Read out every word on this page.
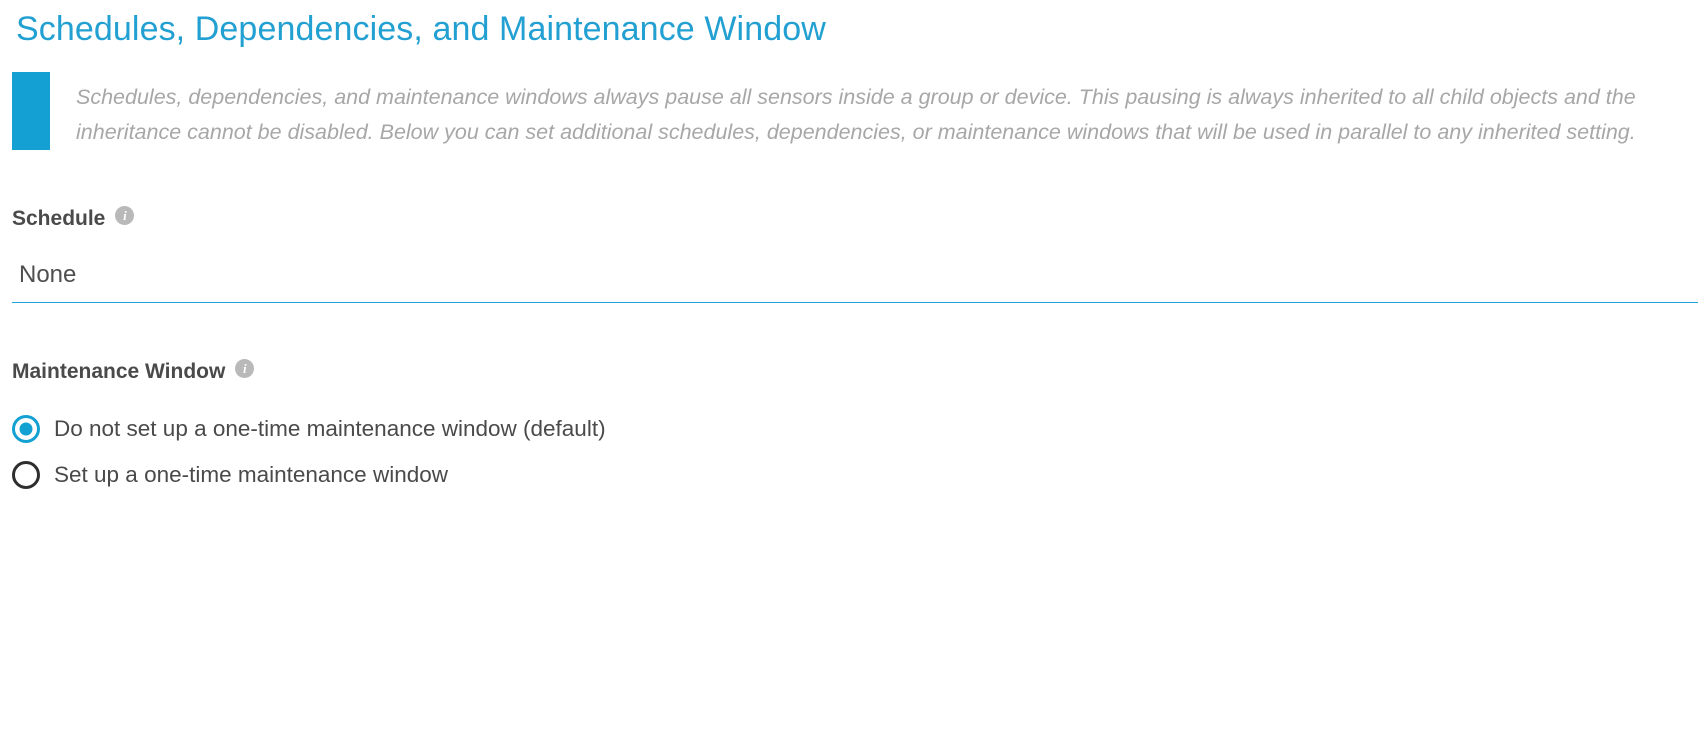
Schedules, Dependencies, and Maintenance Window
Schedules, dependencies, and maintenance windows always pause all sensors inside a group or device. This pausing is always inherited to all child objects and the inheritance cannot be disabled. Below you can set additional schedules, dependencies, or maintenance windows that will be used in parallel to any inherited setting.
Schedule	i
None
Maintenance Window	i
Do not set up a one-time maintenance window (default)
Set up a one-time maintenance window
